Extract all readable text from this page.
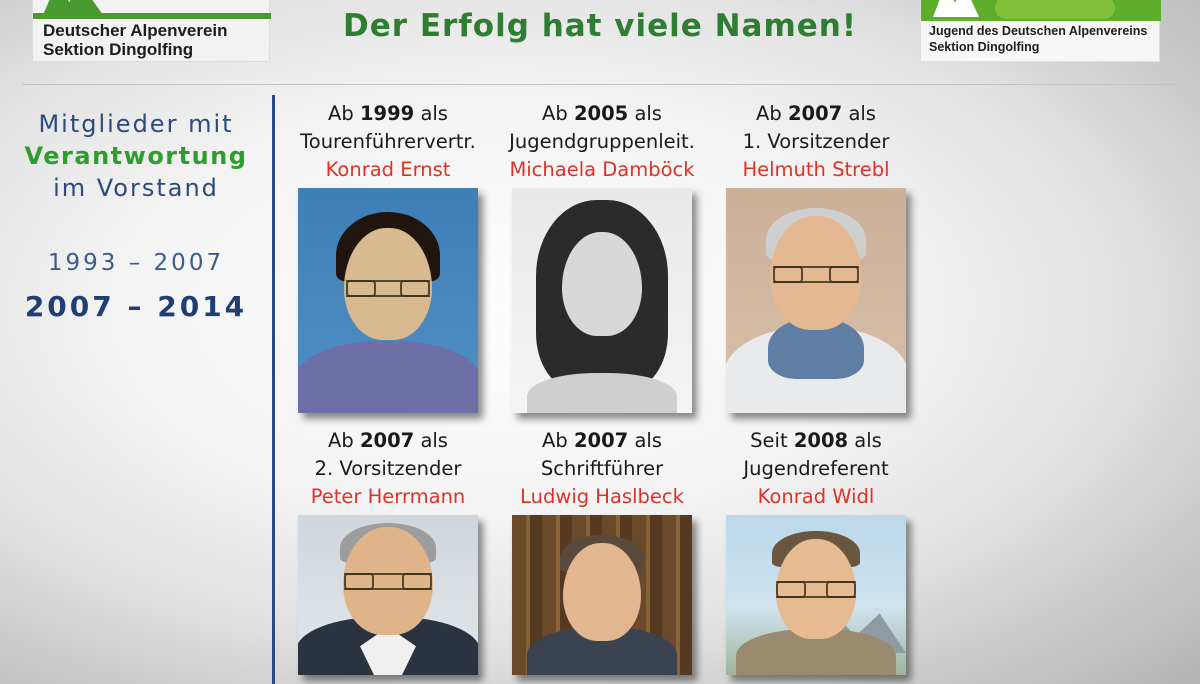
Deutscher Alpenverein
Sektion Dingolfing
Der Erfolg hat viele Namen!	Jugend des Deutschen Alpenvereins
Sektion Dingolfing
Mitglieder mit
Verantwortung
im Vorstand
1993 – 2007
2007 – 2014
Ab 1999 als
Tourenführervertr.
Konrad Ernst
Ab 2005 als
Jugendgruppenleit.
Michaela Damböck
Ab 2007 als
1. Vorsitzender
Helmuth Strebl
Ab 2007 als
2. Vorsitzender
Peter Herrmann
Ab 2007 als
Schriftführer
Ludwig Haslbeck
Seit 2008 als
Jugendreferent
Konrad Widl
